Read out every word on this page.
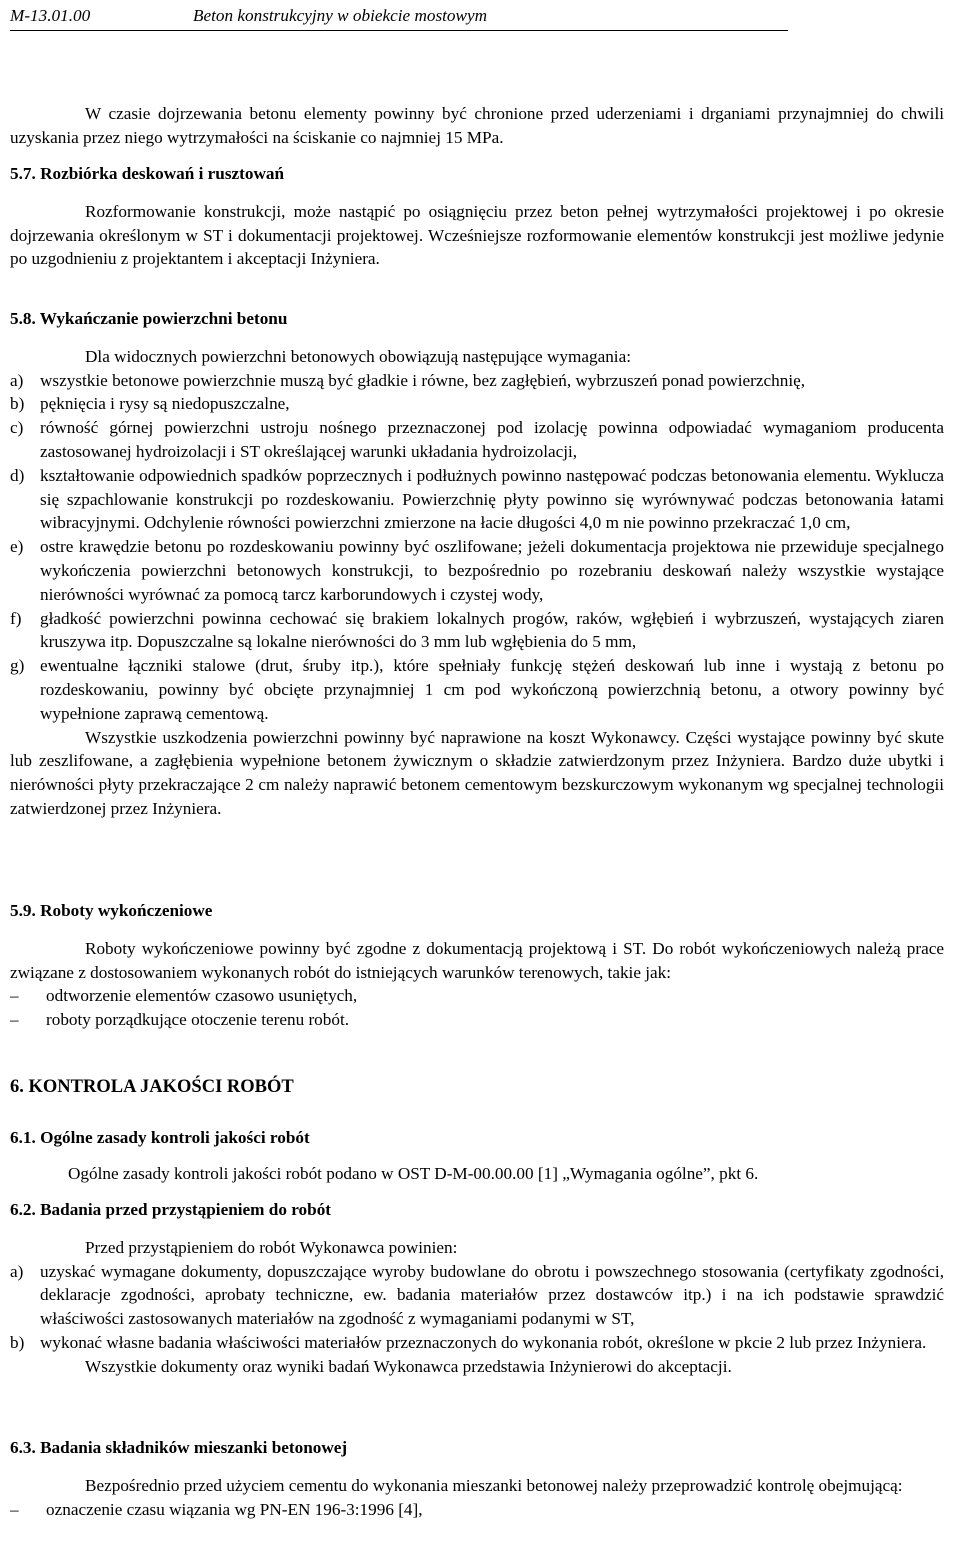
M-13.01.00	Beton konstrukcyjny w obiekcie mostowym

W czasie dojrzewania betonu elementy powinny być chronione przed uderzeniami i drganiami przynajmniej do chwili uzyskania przez niego wytrzymałości na ściskanie co najmniej 15 MPa.

5.7. Rozbiórka deskowań i rusztowań

Rozformowanie konstrukcji, może nastąpić po osiągnięciu przez beton pełnej wytrzymałości projektowej i po okresie dojrzewania określonym w ST i dokumentacji projektowej. Wcześniejsze rozformowanie elementów konstrukcji jest możliwe jedynie po uzgodnieniu z projektantem i akceptacji Inżyniera.

5.8. Wykańczanie powierzchni betonu

Dla widocznych powierzchni betonowych obowiązują następujące wymagania:

a) wszystkie betonowe powierzchnie muszą być gładkie i równe, bez zagłębień, wybrzuszeń ponad powierzchnię,
b) pęknięcia i rysy są niedopuszczalne,
c) równość górnej powierzchni ustroju nośnego przeznaczonej pod izolację powinna odpowiadać wymaganiom producenta zastosowanej hydroizolacji i ST określającej warunki układania hydroizolacji,
d) kształtowanie odpowiednich spadków poprzecznych i podłużnych powinno następować podczas betonowania elementu. Wyklucza się szpachlowanie konstrukcji po rozdeskowaniu. Powierzchnię płyty powinno się wyrównywać podczas betonowania łatami wibracyjnymi. Odchylenie równości powierzchni zmierzone na łacie długości 4,0 m nie powinno przekraczać 1,0 cm,
e) ostre krawędzie betonu po rozdeskowaniu powinny być oszlifowane; jeżeli dokumentacja projektowa nie przewiduje specjalnego wykończenia powierzchni betonowych konstrukcji, to bezpośrednio po rozebraniu deskowań należy wszystkie wystające nierówności wyrównać za pomocą tarcz karborundowych i czystej wody,
f)	gładkość powierzchni powinna cechować się brakiem lokalnych progów, raków, wgłębień i wybrzuszeń, wystających ziaren kruszywa itp. Dopuszczalne są lokalne nierówności do 3 mm lub wgłębienia do 5 mm,
g) ewentualne łączniki stalowe (drut, śruby itp.), które spełniały funkcję stężeń deskowań lub inne i wystają z betonu po rozdeskowaniu, powinny być obcięte przynajmniej 1 cm pod wykończoną powierzchnią betonu, a otwory powinny być wypełnione zaprawą cementową.

Wszystkie uszkodzenia powierzchni powinny być naprawione na koszt Wykonawcy. Części wystające powinny być skute lub zeszlifowane, a zagłębienia wypełnione betonem żywicznym o składzie zatwierdzonym przez Inżyniera. Bardzo duże ubytki i nierówności płyty przekraczające 2 cm należy naprawić betonem cementowym bezskurczowym wykonanym wg specjalnej technologii zatwierdzonej przez Inżyniera.

5.9. Roboty wykończeniowe

Roboty wykończeniowe powinny być zgodne z dokumentacją projektową i ST. Do robót wykończeniowych należą prace związane z dostosowaniem wykonanych robót do istniejących warunków terenowych, takie jak:

–	odtworzenie elementów czasowo usuniętych,
–	roboty porządkujące otoczenie terenu robót.
6. KONTROLA JAKOŚCI ROBÓT
6.1. Ogólne zasady kontroli jakości robót

Ogólne zasady kontroli jakości robót podano w OST D-M-00.00.00 [1] „Wymagania ogólne”, pkt 6.

6.2. Badania przed przystąpieniem do robót

Przed przystąpieniem do robót Wykonawca powinien:

a) uzyskać wymagane dokumenty, dopuszczające wyroby budowlane do obrotu i powszechnego stosowania (certyfikaty zgodności, deklaracje zgodności, aprobaty techniczne, ew. badania materiałów przez dostawców itp.) i na ich podstawie sprawdzić właściwości zastosowanych materiałów na zgodność z wymaganiami podanymi w ST,
b) wykonać własne badania właściwości materiałów przeznaczonych do wykonania robót, określone w pkcie 2 lub przez Inżyniera.

Wszystkie dokumenty oraz wyniki badań Wykonawca przedstawia Inżynierowi do akceptacji.

6.3. Badania składników mieszanki betonowej

Bezpośrednio przed użyciem cementu do wykonania mieszanki betonowej należy przeprowadzić kontrolę obejmującą:

–	oznaczenie czasu wiązania wg PN-EN 196-3:1996 [4],
